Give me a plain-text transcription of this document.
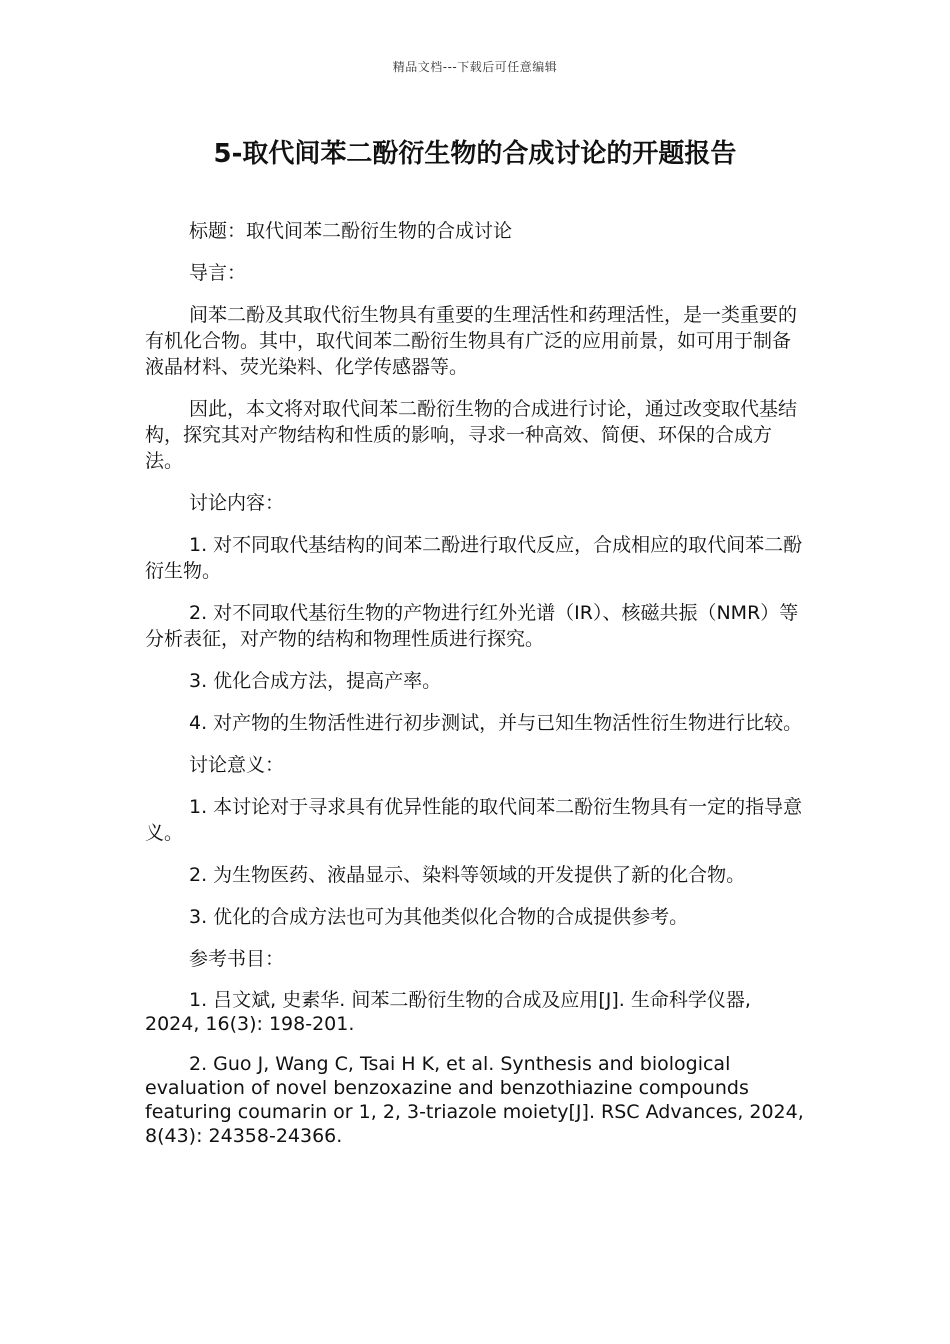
精品文档---下载后可任意编辑
5-取代间苯二酚衍生物的合成讨论的开题报告

标题：取代间苯二酚衍生物的合成讨论

导言：

间苯二酚及其取代衍生物具有重要的生理活性和药理活性，是一类重要的有机化合物。其中，取代间苯二酚衍生物具有广泛的应用前景，如可用于制备液晶材料、荧光染料、化学传感器等。

因此，本文将对取代间苯二酚衍生物的合成进行讨论，通过改变取代基结构，探究其对产物结构和性质的影响，寻求一种高效、简便、环保的合成方法。

讨论内容：

1. 对不同取代基结构的间苯二酚进行取代反应，合成相应的取代间苯二酚衍生物。

2. 对不同取代基衍生物的产物进行红外光谱（IR）、核磁共振（NMR）等分析表征，对产物的结构和物理性质进行探究。

3. 优化合成方法，提高产率。

4. 对产物的生物活性进行初步测试，并与已知生物活性衍生物进行比较。

讨论意义：

1. 本讨论对于寻求具有优异性能的取代间苯二酚衍生物具有一定的指导意义。

2. 为生物医药、液晶显示、染料等领域的开发提供了新的化合物。

3. 优化的合成方法也可为其他类似化合物的合成提供参考。

参考书目：

1. 吕文斌, 史素华. 间苯二酚衍生物的合成及应用[J]. 生命科学仪器, 2024, 16(3): 198-201.

2. Guo J, Wang C, Tsai H K, et al. Synthesis and biological evaluation of novel benzoxazine and benzothiazine compounds featuring coumarin or 1, 2, 3-triazole moiety[J]. RSC Advances, 2024, 8(43): 24358-24366.
